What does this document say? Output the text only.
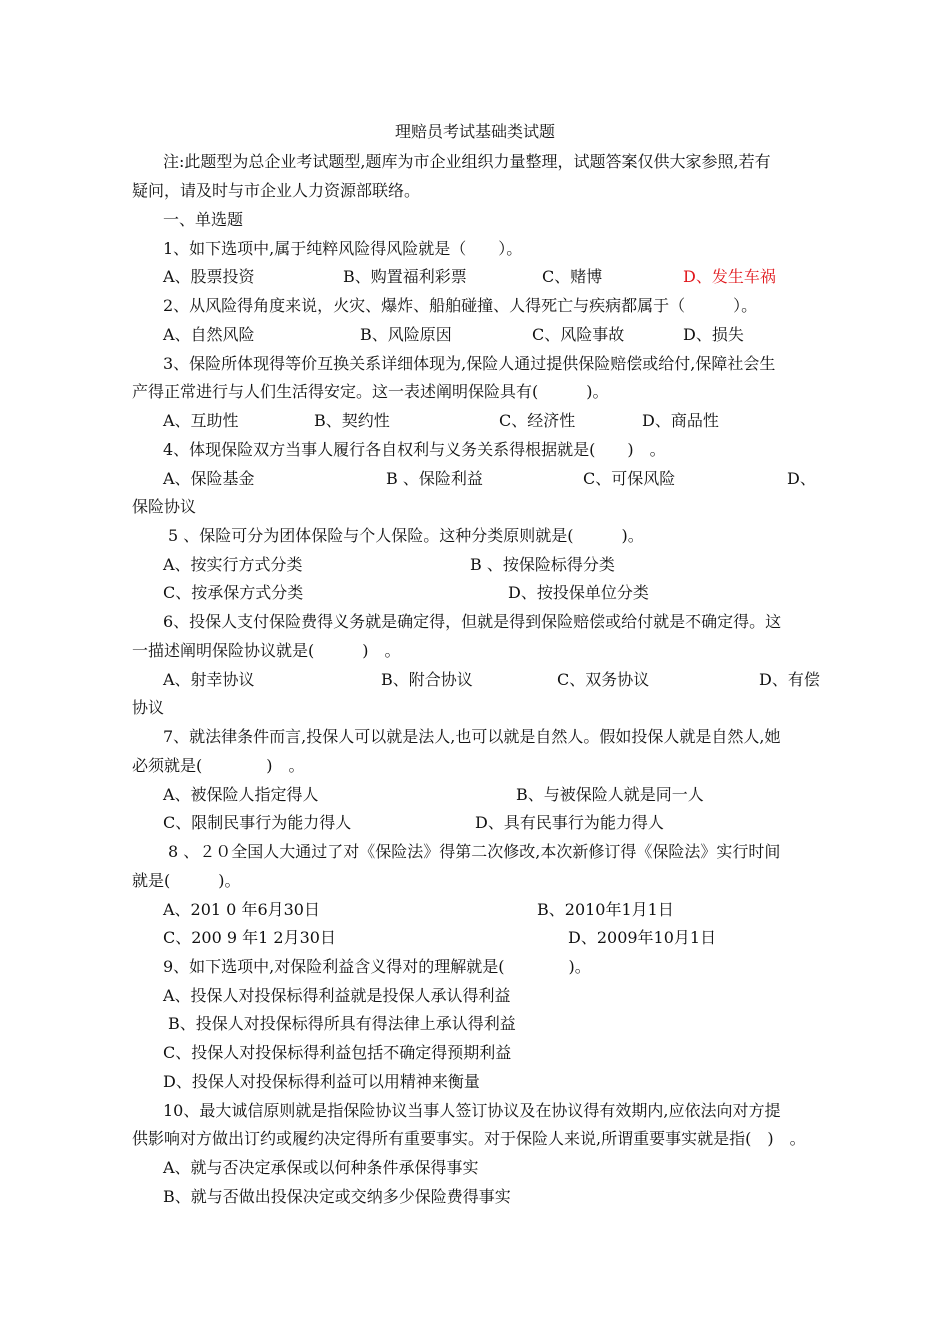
理赔员考试基础类试题
注:此题型为总企业考试题型,题库为市企业组织力量整理，试题答案仅供大家参照,若有
疑问，请及时与市企业人力资源部联络。
一、单选题
1、如下选项中,属于纯粹风险得风险就是（　　）。
A、股票投资	B、购置福利彩票	C、赌博	D、发生车祸
2、从风险得角度来说，火灾、爆炸、船舶碰撞、人得死亡与疾病都属于（　　　）。
A、自然风险	B、风险原因	C、风险事故	D、损失
3、保险所体现得等价互换关系详细体现为,保险人通过提供保险赔偿或给付,保障社会生
产得正常进行与人们生活得安定。这一表述阐明保险具有(　　　)。
A、互助性	B、契约性	C、经济性	D、商品性
4、体现保险双方当事人履行各自权利与义务关系得根据就是(　　)　。
A、保险基金	B 、保险利益	C、可保风险	D、
保险协议
5 、保险可分为团体保险与个人保险。这种分类原则就是(　　　)。
A、按实行方式分类	B 、按保险标得分类
C、按承保方式分类	D、按投保单位分类
6、投保人支付保险费得义务就是确定得，但就是得到保险赔偿或给付就是不确定得。这
一描述阐明保险协议就是(　　　)　。
A、射幸协议	B、附合协议	C、双务协议	D、有偿
协议
7、就法律条件而言,投保人可以就是法人,也可以就是自然人。假如投保人就是自然人,她
必须就是(　　　　)　。
A、被保险人指定得人	B、与被保险人就是同一人
C、限制民事行为能力得人	D、具有民事行为能力得人
8 、２０全国人大通过了对《保险法》得第二次修改,本次新修订得《保险法》实行时间
就是(　　　)。
A、201 0 年6月30日	B、2010年1月1日
C、200 9 年1 2月30日	D、2009年10月1日
9、如下选项中,对保险利益含义得对的理解就是(　　　　)。
A、投保人对投保标得利益就是投保人承认得利益
B、投保人对投保标得所具有得法律上承认得利益
C、投保人对投保标得利益包括不确定得预期利益
D、投保人对投保标得利益可以用精神来衡量
10、最大诚信原则就是指保险协议当事人签订协议及在协议得有效期内,应依法向对方提
供影响对方做出订约或履约决定得所有重要事实。对于保险人来说,所谓重要事实就是指(　)　。
A、就与否决定承保或以何种条件承保得事实
B、就与否做出投保决定或交纳多少保险费得事实
